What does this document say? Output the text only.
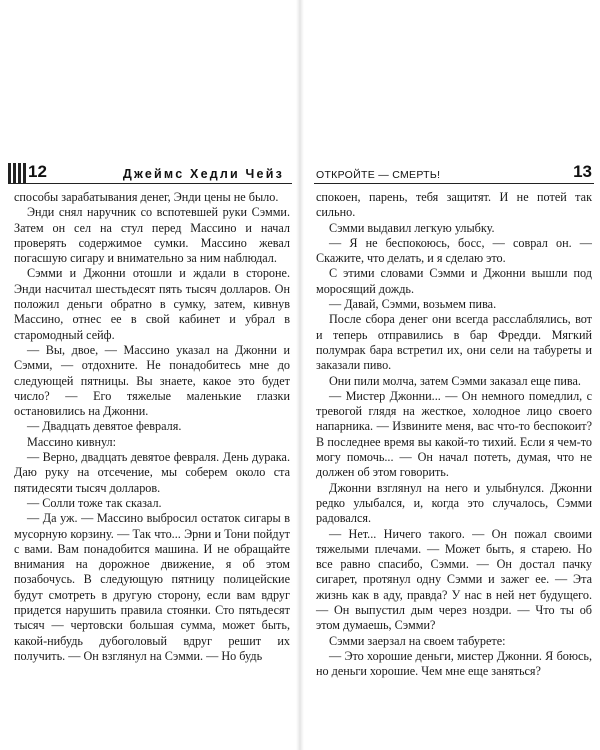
12	Джеймс Хедли Чейз

способы зарабатывания денег, Энди цены не было.

Энди снял наручник со вспотевшей руки Сэмми. Затем он сел на стул перед Массино и начал проверять содержимое сумки. Массино жевал погасшую сигару и внимательно за ним наблюдал.

Сэмми и Джонни отошли и ждали в стороне. Энди насчитал шестьдесят пять тысяч долларов. Он положил деньги обратно в сумку, затем, кивнув Массино, отнес ее в свой кабинет и убрал в старомодный сейф.

— Вы, двое, — Массино указал на Джонни и Сэмми, — отдохните. Не понадобитесь мне до следующей пятницы. Вы знаете, какое это будет число? — Его тяжелые маленькие глазки остановились на Джонни.

— Двадцать девятое февраля.

Массино кивнул:

— Верно, двадцать девятое февраля. День дурака. Даю руку на отсечение, мы соберем около ста пятидесяти тысяч долларов.

— Солли тоже так сказал.

— Да уж. — Массино выбросил остаток сигары в мусорную корзину. — Так что... Эрни и Тони пойдут с вами. Вам понадобится машина. И не обращайте внимания на дорожное движение, я об этом позабочусь. В следующую пятницу полицейские будут смотреть в другую сторону, если вам вдруг придется нарушить правила стоянки. Сто пятьдесят тысяч — чертовски большая сумма, может быть, какой-нибудь дубоголовый вдруг решит их получить. — Он взглянул на Сэмми. — Но будь

ОТКРОЙТЕ — СМЕРТЬ!	13

спокоен, парень, тебя защитят. И не потей так сильно.

Сэмми выдавил легкую улыбку.

— Я не беспокоюсь, босс, — соврал он. — Скажите, что делать, и я сделаю это.

С этими словами Сэмми и Джонни вышли под моросящий дождь.

— Давай, Сэмми, возьмем пива.

После сбора денег они всегда расслаблялись, вот и теперь отправились в бар Фредди. Мягкий полумрак бара встретил их, они сели на табуреты и заказали пиво.

Они пили молча, затем Сэмми заказал еще пива.

— Мистер Джонни... — Он немного помедлил, с тревогой глядя на жесткое, холодное лицо своего напарника. — Извините меня, вас что-то беспокоит? В последнее время вы какой-то тихий. Если я чем-то могу помочь... — Он начал потеть, думая, что не должен об этом говорить.

Джонни взглянул на него и улыбнулся. Джонни редко улыбался, и, когда это случалось, Сэмми радовался.

— Нет... Ничего такого. — Он пожал своими тяжелыми плечами. — Может быть, я старею. Но все равно спасибо, Сэмми. — Он достал пачку сигарет, протянул одну Сэмми и зажег ее. — Эта жизнь как в аду, правда? У нас в ней нет будущего. — Он выпустил дым через ноздри. — Что ты об этом думаешь, Сэмми?

Сэмми заерзал на своем табурете:

— Это хорошие деньги, мистер Джонни. Я боюсь, но деньги хорошие. Чем мне еще заняться?
